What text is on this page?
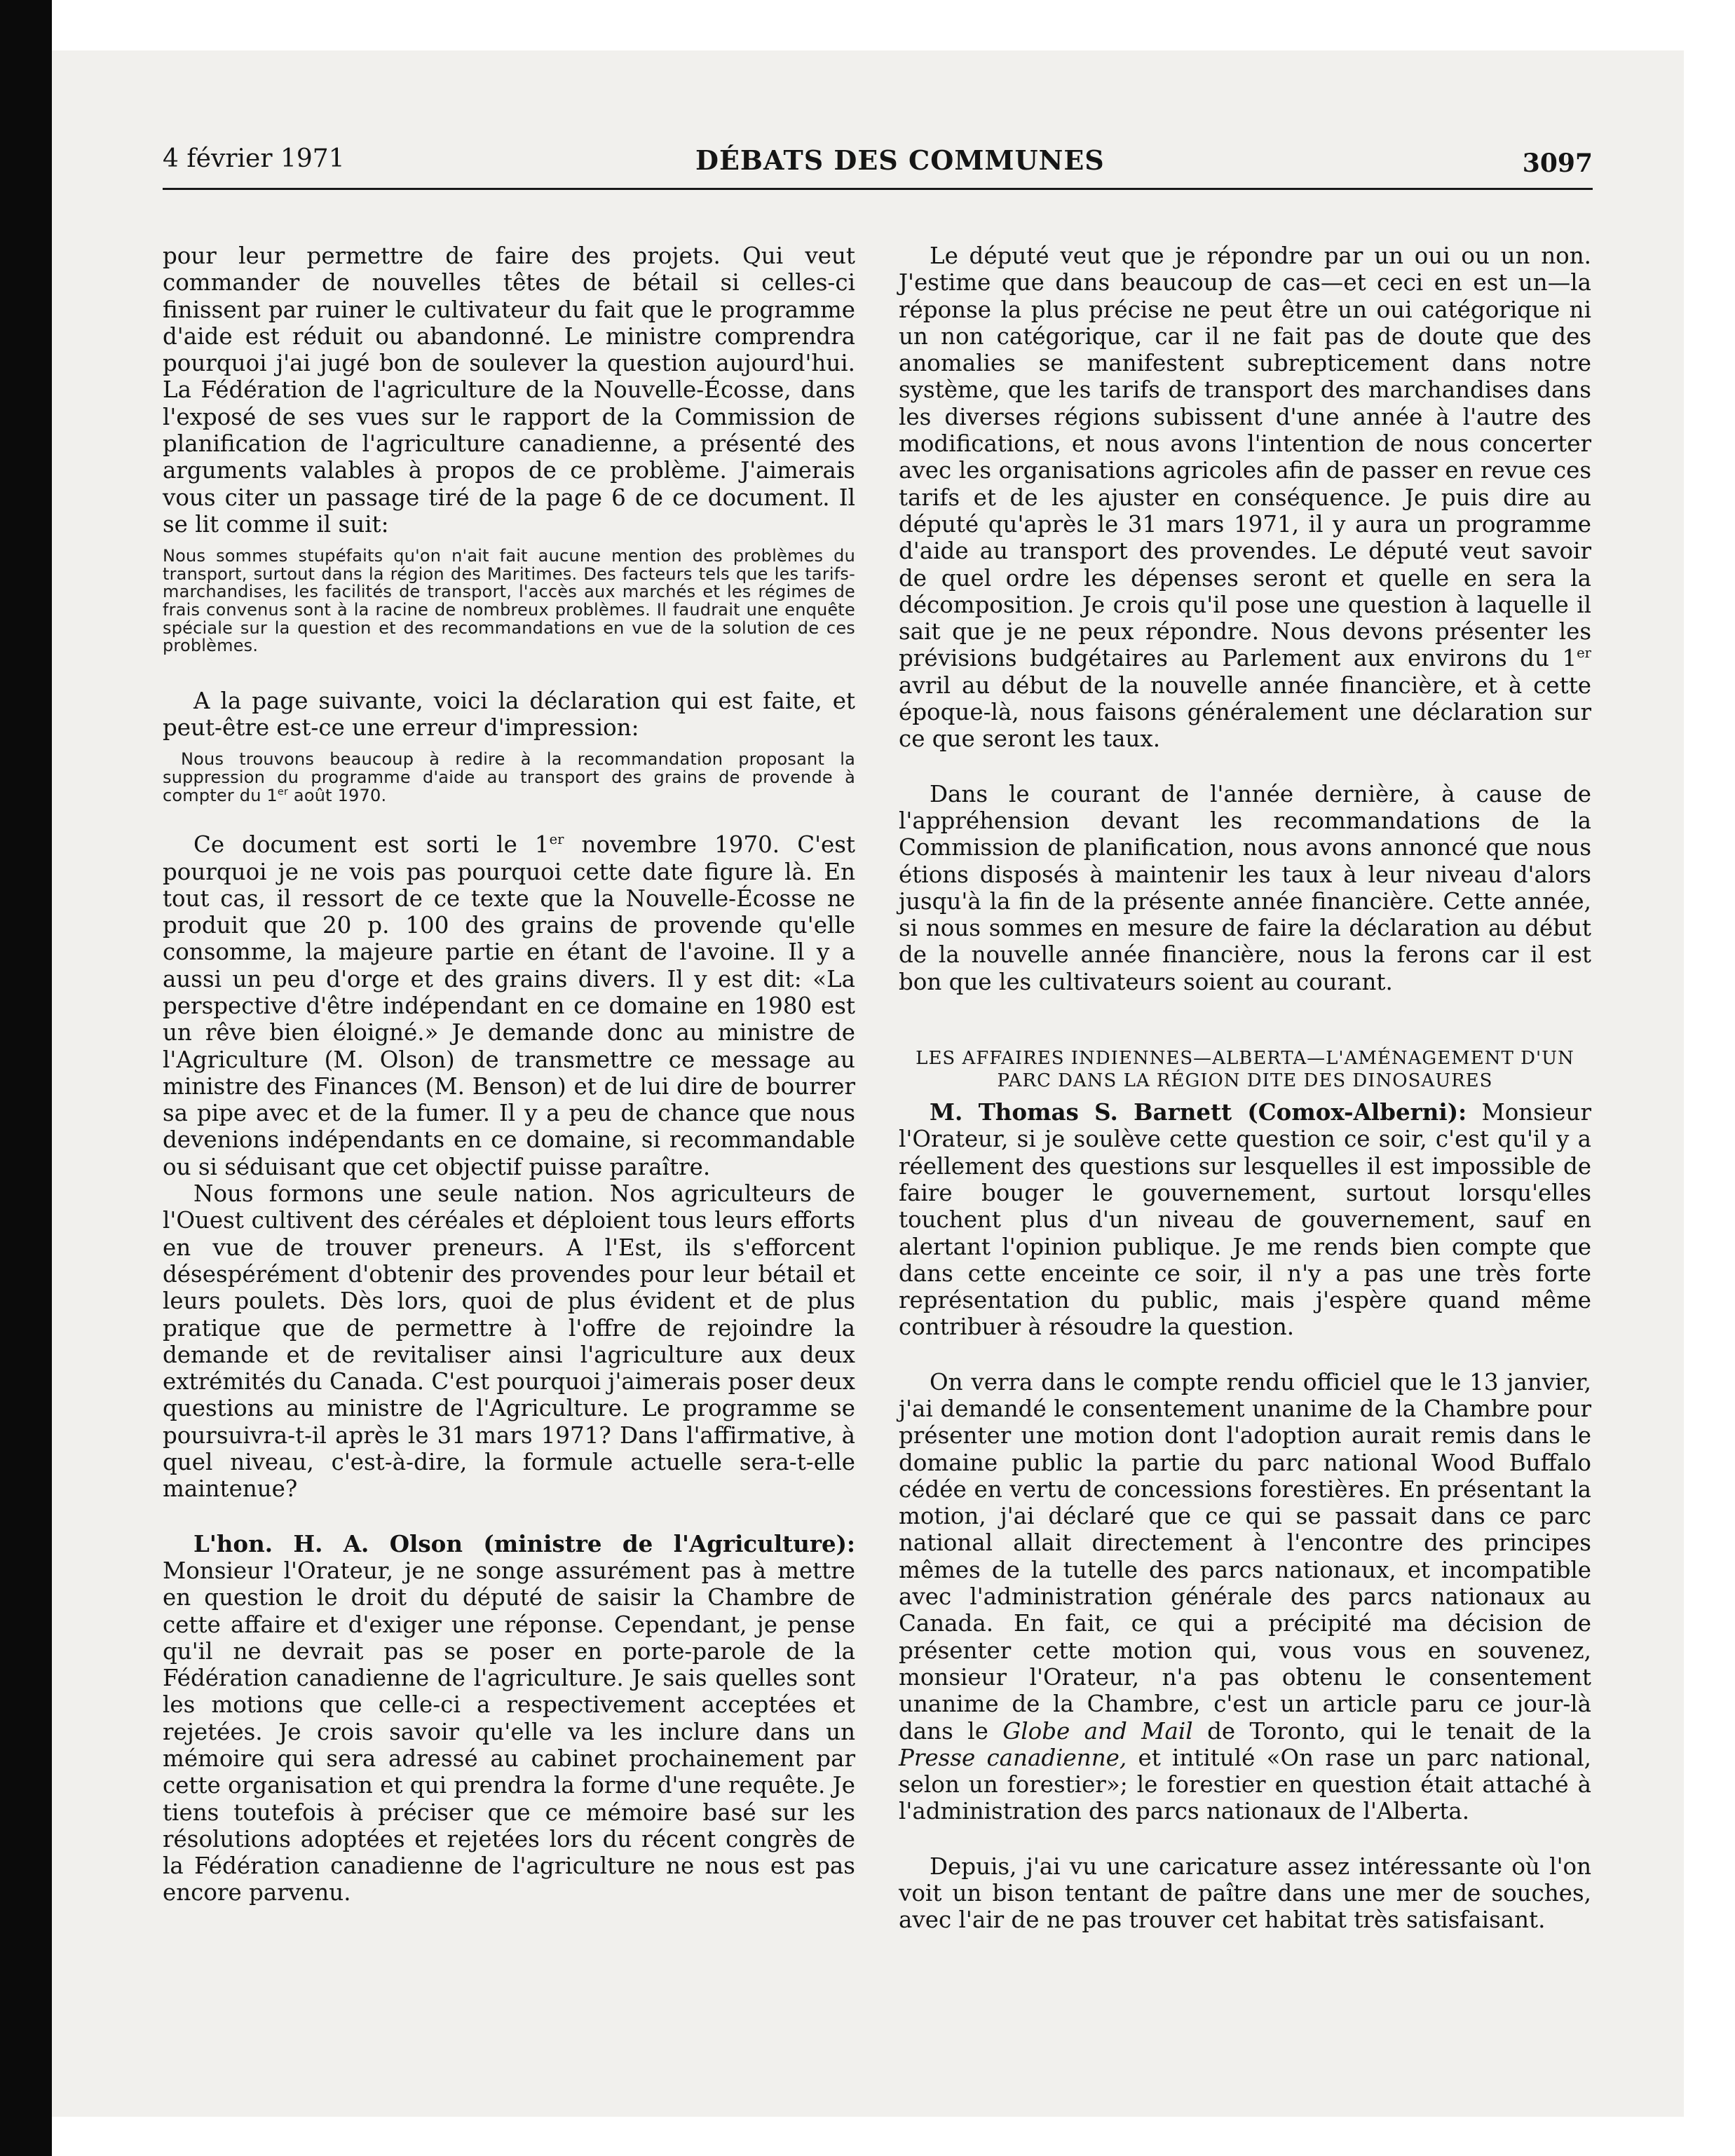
4 février 1971	DÉBATS DES COMMUNES	3097

pour leur permettre de faire des projets. Qui veut commander de nouvelles têtes de bétail si celles-ci finissent par ruiner le cultivateur du fait que le programme d'aide est réduit ou abandonné. Le ministre comprendra pourquoi j'ai jugé bon de soulever la question aujourd'hui. La Fédération de l'agriculture de la Nouvelle-Écosse, dans l'exposé de ses vues sur le rapport de la Commission de planification de l'agriculture canadienne, a présenté des arguments valables à propos de ce problème. J'aimerais vous citer un passage tiré de la page 6 de ce document. Il se lit comme il suit:

Nous sommes stupéfaits qu'on n'ait fait aucune mention des problèmes du transport, surtout dans la région des Maritimes. Des facteurs tels que les tarifs-marchandises, les facilités de transport, l'accès aux marchés et les régimes de frais convenus sont à la racine de nombreux problèmes. Il faudrait une enquête spéciale sur la question et des recommandations en vue de la solution de ces problèmes.

A la page suivante, voici la déclaration qui est faite, et peut-être est-ce une erreur d'impression:

Nous trouvons beaucoup à redire à la recommandation proposant la suppression du programme d'aide au transport des grains de provende à compter du 1er août 1970.

Ce document est sorti le 1er novembre 1970. C'est pourquoi je ne vois pas pourquoi cette date figure là. En tout cas, il ressort de ce texte que la Nouvelle-Écosse ne produit que 20 p. 100 des grains de provende qu'elle consomme, la majeure partie en étant de l'avoine. Il y a aussi un peu d'orge et des grains divers. Il y est dit: «La perspective d'être indépendant en ce domaine en 1980 est un rêve bien éloigné.» Je demande donc au ministre de l'Agriculture (M. Olson) de transmettre ce message au ministre des Finances (M. Benson) et de lui dire de bourrer sa pipe avec et de la fumer. Il y a peu de chance que nous devenions indépendants en ce domaine, si recommandable ou si séduisant que cet objectif puisse paraître.

Nous formons une seule nation. Nos agriculteurs de l'Ouest cultivent des céréales et déploient tous leurs efforts en vue de trouver preneurs. A l'Est, ils s'efforcent désespérément d'obtenir des provendes pour leur bétail et leurs poulets. Dès lors, quoi de plus évident et de plus pratique que de permettre à l'offre de rejoindre la demande et de revitaliser ainsi l'agriculture aux deux extrémités du Canada. C'est pourquoi j'aimerais poser deux questions au ministre de l'Agriculture. Le programme se poursuivra-t-il après le 31 mars 1971? Dans l'affirmative, à quel niveau, c'est-à-dire, la formule actuelle sera-t-elle maintenue?

L'hon. H. A. Olson (ministre de l'Agriculture): Monsieur l'Orateur, je ne songe assurément pas à mettre en question le droit du député de saisir la Chambre de cette affaire et d'exiger une réponse. Cependant, je pense qu'il ne devrait pas se poser en porte-parole de la Fédération canadienne de l'agriculture. Je sais quelles sont les motions que celle-ci a respectivement acceptées et rejetées. Je crois savoir qu'elle va les inclure dans un mémoire qui sera adressé au cabinet prochainement par cette organisation et qui prendra la forme d'une requête. Je tiens toutefois à préciser que ce mémoire basé sur les résolutions adoptées et rejetées lors du récent congrès de la Fédération canadienne de l'agriculture ne nous est pas encore parvenu.

Le député veut que je répondre par un oui ou un non. J'estime que dans beaucoup de cas—et ceci en est un—la réponse la plus précise ne peut être un oui catégorique ni un non catégorique, car il ne fait pas de doute que des anomalies se manifestent subrepticement dans notre système, que les tarifs de transport des marchandises dans les diverses régions subissent d'une année à l'autre des modifications, et nous avons l'intention de nous concerter avec les organisations agricoles afin de passer en revue ces tarifs et de les ajuster en conséquence. Je puis dire au député qu'après le 31 mars 1971, il y aura un programme d'aide au transport des provendes. Le député veut savoir de quel ordre les dépenses seront et quelle en sera la décomposition. Je crois qu'il pose une question à laquelle il sait que je ne peux répondre. Nous devons présenter les prévisions budgétaires au Parlement aux environs du 1er avril au début de la nouvelle année financière, et à cette époque-là, nous faisons généralement une déclaration sur ce que seront les taux.

Dans le courant de l'année dernière, à cause de l'appréhension devant les recommandations de la Commission de planification, nous avons annoncé que nous étions disposés à maintenir les taux à leur niveau d'alors jusqu'à la fin de la présente année financière. Cette année, si nous sommes en mesure de faire la déclaration au début de la nouvelle année financière, nous la ferons car il est bon que les cultivateurs soient au courant.

LES AFFAIRES INDIENNES—ALBERTA—L'AMÉNAGEMENT D'UN PARC DANS LA RÉGION DITE DES DINOSAURES

M. Thomas S. Barnett (Comox-Alberni): Monsieur l'Orateur, si je soulève cette question ce soir, c'est qu'il y a réellement des questions sur lesquelles il est impossible de faire bouger le gouvernement, surtout lorsqu'elles touchent plus d'un niveau de gouvernement, sauf en alertant l'opinion publique. Je me rends bien compte que dans cette enceinte ce soir, il n'y a pas une très forte représentation du public, mais j'espère quand même contribuer à résoudre la question.

On verra dans le compte rendu officiel que le 13 janvier, j'ai demandé le consentement unanime de la Chambre pour présenter une motion dont l'adoption aurait remis dans le domaine public la partie du parc national Wood Buffalo cédée en vertu de concessions forestières. En présentant la motion, j'ai déclaré que ce qui se passait dans ce parc national allait directement à l'encontre des principes mêmes de la tutelle des parcs nationaux, et incompatible avec l'administration générale des parcs nationaux au Canada. En fait, ce qui a précipité ma décision de présenter cette motion qui, vous vous en souvenez, monsieur l'Orateur, n'a pas obtenu le consentement unanime de la Chambre, c'est un article paru ce jour-là dans le Globe and Mail de Toronto, qui le tenait de la Presse canadienne, et intitulé «On rase un parc national, selon un forestier»; le forestier en question était attaché à l'administration des parcs nationaux de l'Alberta.

Depuis, j'ai vu une caricature assez intéressante où l'on voit un bison tentant de paître dans une mer de souches, avec l'air de ne pas trouver cet habitat très satisfaisant.
